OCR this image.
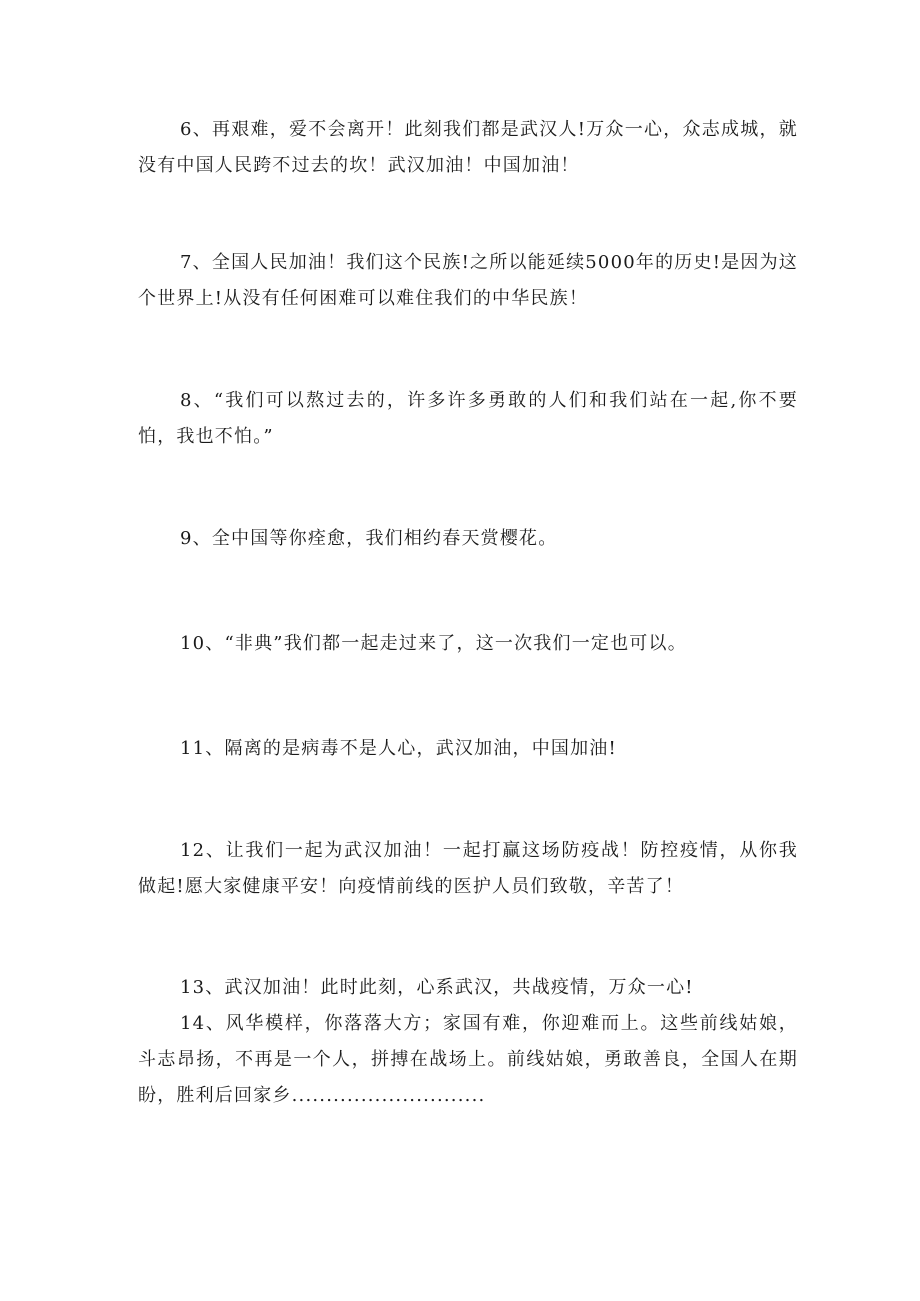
6、再艰难，爱不会离开！此刻我们都是武汉人!万众一心，众志成城，就没有中国人民跨不过去的坎！武汉加油！中国加油！

7、全国人民加油！我们这个民族!之所以能延续5000年的历史!是因为这个世界上!从没有任何困难可以难住我们的中华民族！

8、“我们可以熬过去的，许多许多勇敢的人们和我们站在一起,你不要怕，我也不怕。”

9、全中国等你痊愈，我们相约春天赏樱花。

10、“非典”我们都一起走过来了，这一次我们一定也可以。

11、隔离的是病毒不是人心，武汉加油，中国加油!

12、让我们一起为武汉加油！一起打赢这场防疫战！防控疫情，从你我做起!愿大家健康平安！向疫情前线的医护人员们致敬，辛苦了！

13、武汉加油！此时此刻，心系武汉，共战疫情，万众一心!

14、风华模样，你落落大方；家国有难，你迎难而上。这些前线姑娘，斗志昂扬，不再是一个人，拼搏在战场上。前线姑娘，勇敢善良，全国人在期盼，胜利后回家乡............................
